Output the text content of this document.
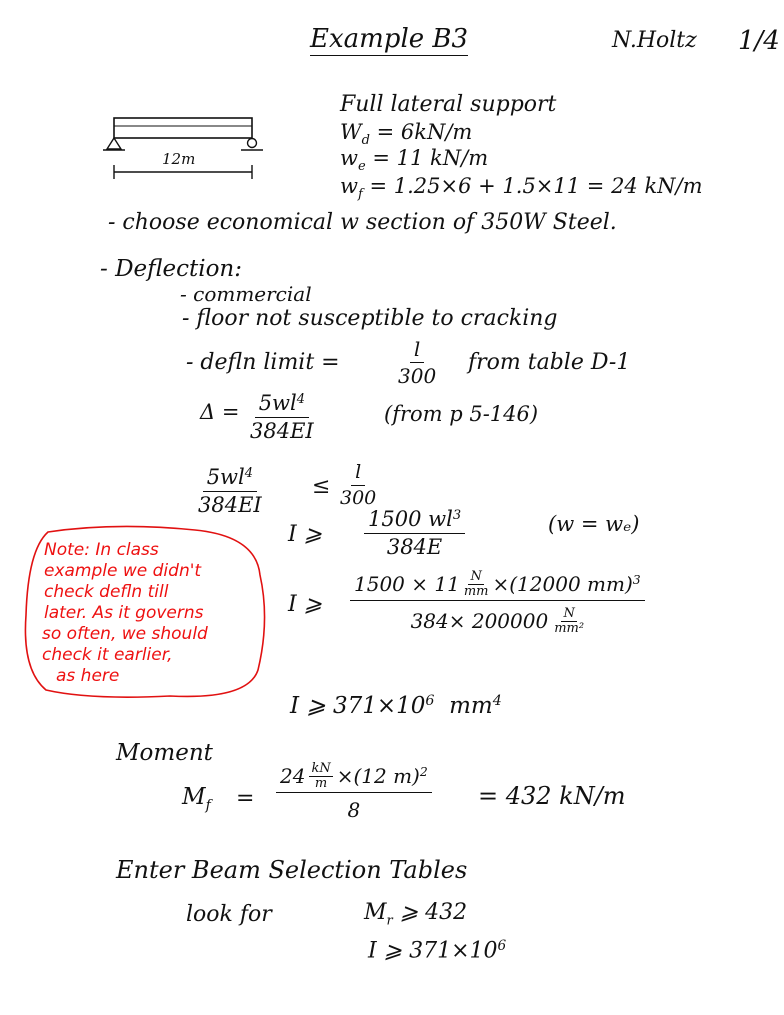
Example B3	N.Holtz 1/4
12m
Full lateral support
$W_d = 6kN/m$
$w_e = 11$ kN/m
$w_f = 1.25\times 6 + 1.5\times 11 = 24$ kN/m
- choose economical w section of 350W Steel.
- Deflection:
- commercial
- floor not susceptible to cracking
- defln limit =	$\frac{l}{300}$ from table D-1
$\Delta = \frac{5wl^4}{384EI}$	(from p 5-146)
$\frac{5wl^4}{384EI} \le \frac{l}{300}$
I ⩾ $\frac{1500 wl^3}{384E}$	(w = wₑ)
I ⩾ $1500 \times 11 \frac{N}{mm} \times(12000$ mm)$^3$
384× 200000 N
mm²
I ⩾ $371\times 10^6$ $mm^4$
Note: In class
example we didn't
check defln till
later. As it governs
so often, we should
check it earlier,
as here
Moment
$M_f = \frac{24 \frac{kN}{m} \times(12 m)^2}{8} = 432$ kN/m
Enter Beam Selection Tables
look for	$M_r$ ⩾ 432
I ⩾ $371\times 10^6$
